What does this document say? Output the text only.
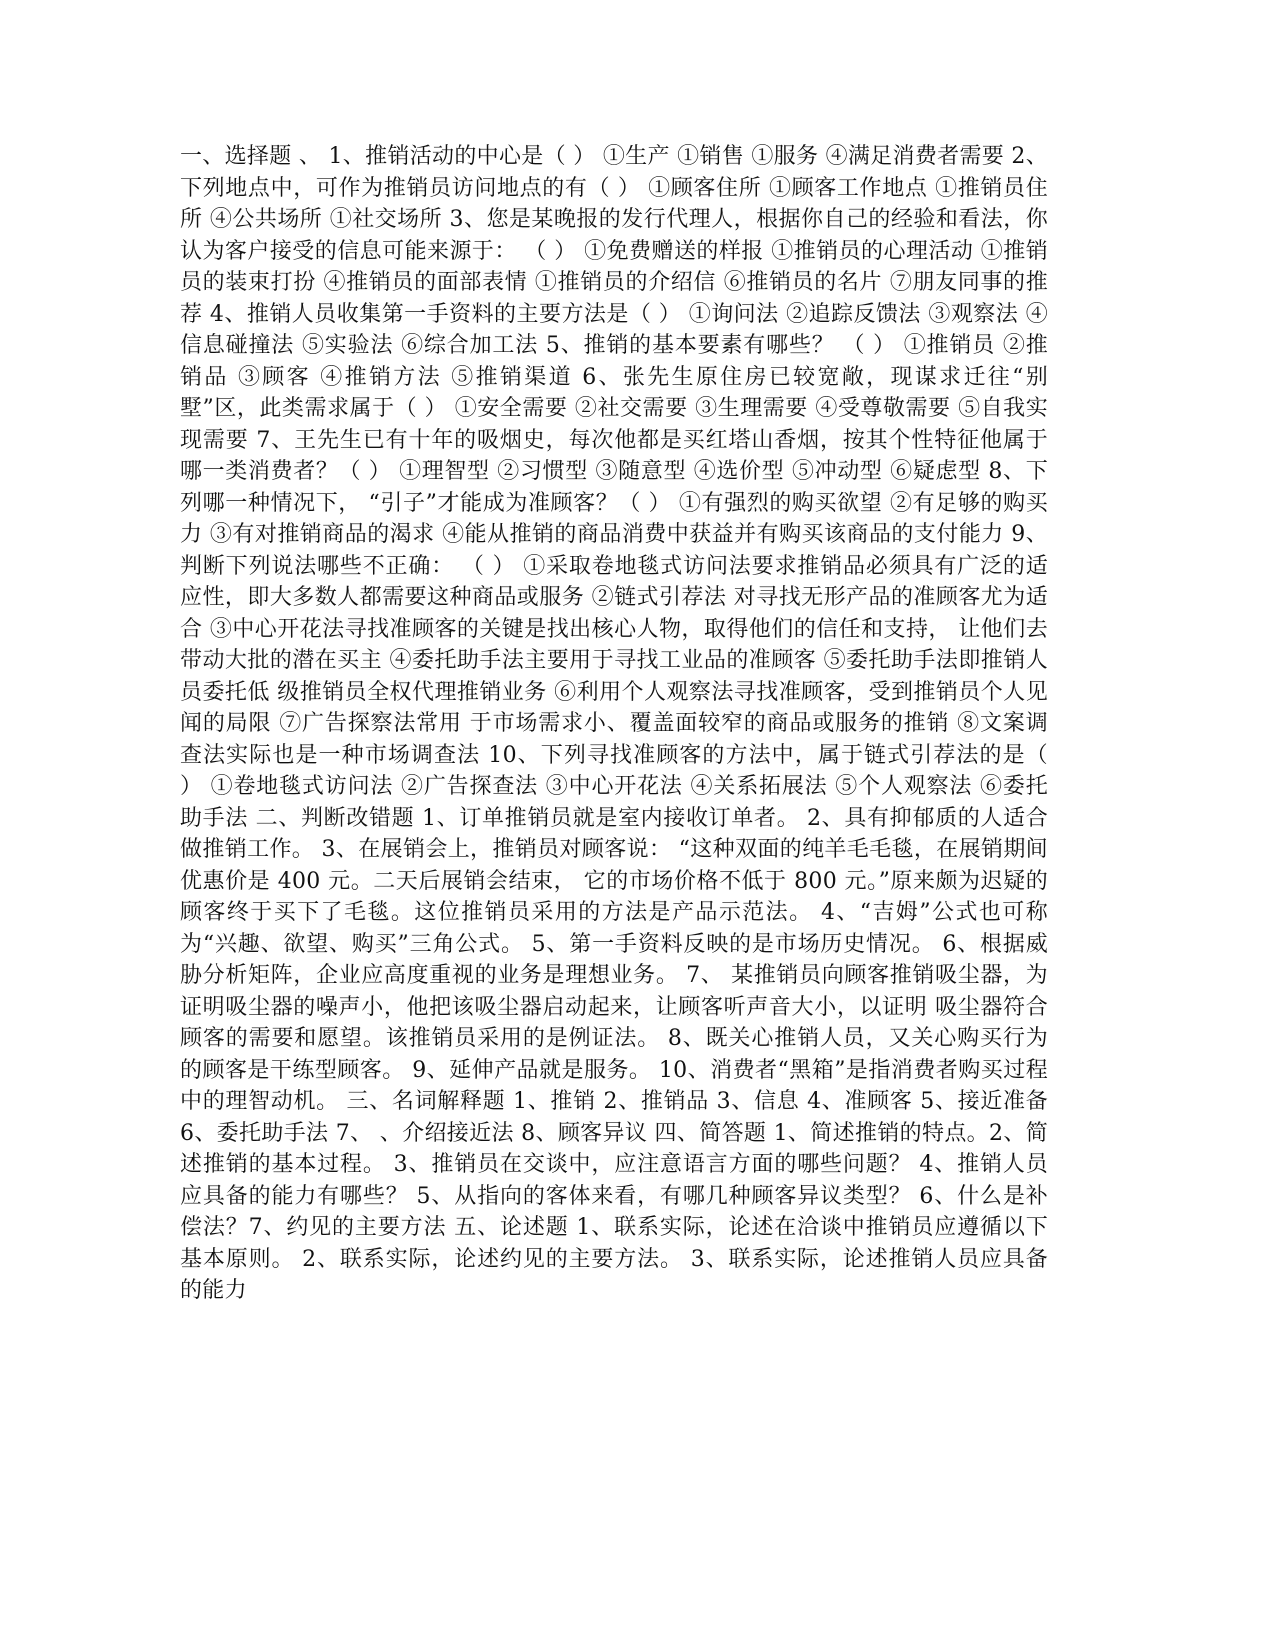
一、选择题 、 1、推销活动的中心是（ ） ①生产 ①销售 ①服务 ④满足消费者需要 2、下列地点中，可作为推销员访问地点的有（ ） ①顾客住所 ①顾客工作地点 ①推销员住所 ④公共场所 ①社交场所 3、您是某晚报的发行代理人，根据你自己的经验和看法，你认为客户接受的信息可能来源于： （ ） ①免费赠送的样报 ①推销员的心理活动 ①推销员的装束打扮 ④推销员的面部表情 ①推销员的介绍信 ⑥推销员的名片 ⑦朋友同事的推荐 4、推销人员收集第一手资料的主要方法是（ ） ①询问法 ②追踪反馈法 ③观察法 ④信息碰撞法 ⑤实验法 ⑥综合加工法 5、推销的基本要素有哪些？ （ ） ①推销员 ②推销品 ③顾客 ④推销方法 ⑤推销渠道 6、张先生原住房已较宽敞，现谋求迁往“别墅”区，此类需求属于（ ） ①安全需要 ②社交需要 ③生理需要 ④受尊敬需要 ⑤自我实现需要 7、王先生已有十年的吸烟史，每次他都是买红塔山香烟，按其个性特征他属于哪一类消费者？（ ） ①理智型 ②习惯型 ③随意型 ④选价型 ⑤冲动型 ⑥疑虑型 8、下列哪一种情况下， “引子”才能成为准顾客？（ ） ①有强烈的购买欲望 ②有足够的购买力 ③有对推销商品的渴求 ④能从推销的商品消费中获益并有购买该商品的支付能力 9、判断下列说法哪些不正确： （ ） ①采取卷地毯式访问法要求推销品必须具有广泛的适应性，即大多数人都需要这种商品或服务 ②链式引荐法 对寻找无形产品的准顾客尤为适合 ③中心开花法寻找准顾客的关键是找出核心人物，取得他们的信任和支持， 让他们去带动大批的潜在买主 ④委托助手法主要用于寻找工业品的准顾客 ⑤委托助手法即推销人员委托低 级推销员全权代理推销业务 ⑥利用个人观察法寻找准顾客，受到推销员个人见闻的局限 ⑦广告探察法常用 于市场需求小、覆盖面较窄的商品或服务的推销 ⑧文案调查法实际也是一种市场调查法 10、下列寻找准顾客的方法中，属于链式引荐法的是（ ） ①卷地毯式访问法 ②广告探查法 ③中心开花法 ④关系拓展法 ⑤个人观察法 ⑥委托助手法 二、判断改错题 1、订单推销员就是室内接收订单者。 2、具有抑郁质的人适合做推销工作。 3、在展销会上，推销员对顾客说： “这种双面的纯羊毛毛毯，在展销期间优惠价是 400 元。二天后展销会结束， 它的市场价格不低于 800 元。”原来颇为迟疑的顾客终于买下了毛毯。这位推销员采用的方法是产品示范法。 4、“吉姆”公式也可称为“兴趣、欲望、购买”三角公式。 5、第一手资料反映的是市场历史情况。 6、根据威胁分析矩阵，企业应高度重视的业务是理想业务。 7、 某推销员向顾客推销吸尘器，为证明吸尘器的噪声小，他把该吸尘器启动起来，让顾客听声音大小，以证明 吸尘器符合顾客的需要和愿望。该推销员采用的是例证法。 8、既关心推销人员，又关心购买行为的顾客是干练型顾客。 9、延伸产品就是服务。 10、消费者“黑箱”是指消费者购买过程中的理智动机。 三、名词解释题 1、推销 2、推销品 3、信息 4、准顾客 5、接近准备 6、委托助手法 7、 、介绍接近法 8、顾客异议 四、简答题 1、简述推销的特点。2、简述推销的基本过程。 3、推销员在交谈中，应注意语言方面的哪些问题？ 4、推销人员应具备的能力有哪些？ 5、从指向的客体来看，有哪几种顾客异议类型？ 6、什么是补偿法？7、约见的主要方法 五、论述题 1、联系实际，论述在洽谈中推销员应遵循以下基本原则。 2、联系实际，论述约见的主要方法。 3、联系实际，论述推销人员应具备的能力
